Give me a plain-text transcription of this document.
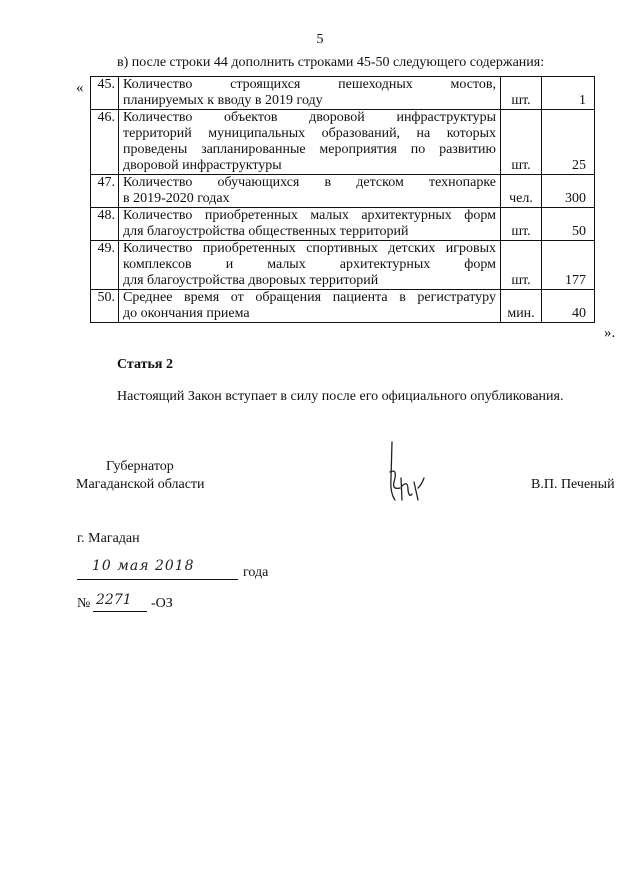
5
в) после строки 44 дополнить строками 45-50 следующего содержания:
« 45.	Количество строящихся пешеходных мостов,
планируемых к вводу в 2019 году	шт.	1
46.	Количество объектов дворовой инфраструктуры
территорий муниципальных образований, на которых
проведены запланированные мероприятия по развитию
дворовой инфраструктуры	шт.	25
47.	Количество обучающихся в детском технопарке
в 2019-2020 годах	чел.	300
48.	Количество приобретенных малых архитектурных форм
для благоустройства общественных территорий	шт.	50
49.	Количество приобретенных спортивных детских игровых
комплексов и малых архитектурных форм
для благоустройства дворовых территорий	шт.	177
50.	Среднее время от обращения пациента в регистратуру
до окончания приема	мин.	40
».
Статья 2
Настоящий Закон вступает в силу после его официального опубликования.
Губернатор
Магаданской области	В.П. Печеный
г. Магадан
10 мая 2018	года
№ 2271 -ОЗ
